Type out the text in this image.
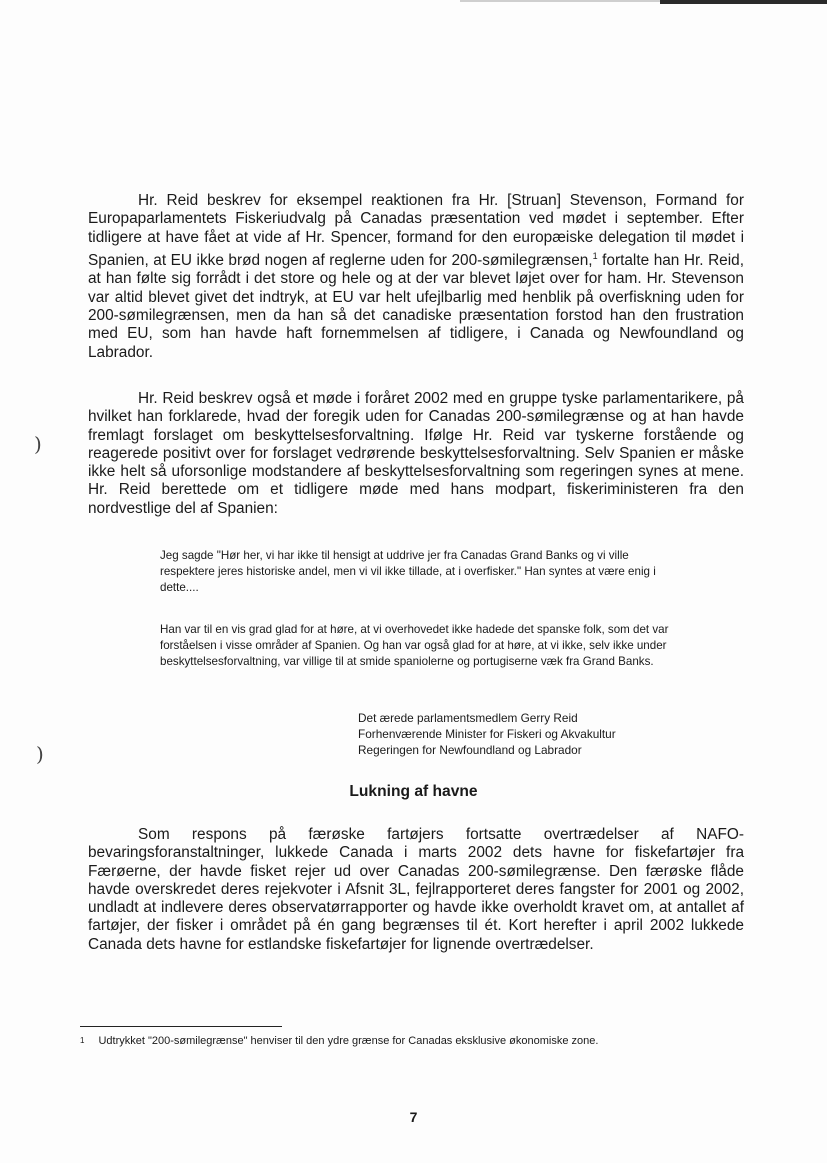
)
)

Hr. Reid beskrev for eksempel reaktionen fra Hr. [Struan] Stevenson, Formand for Europaparlamentets Fiskeriudvalg på Canadas præsentation ved mødet i september. Efter tidligere at have fået at vide af Hr. Spencer, formand for den europæiske delegation til mødet i Spanien, at EU ikke brød nogen af reglerne uden for 200-sømilegrænsen,$^1$ fortalte han Hr. Reid, at han følte sig forrådt i det store og hele og at der var blevet løjet over for ham. Hr. Stevenson var altid blevet givet det indtryk, at EU var helt ufejlbarlig med henblik på overfiskning uden for 200-sømilegrænsen, men da han så det canadiske præsentation forstod han den frustration med EU, som han havde haft fornemmelsen af tidligere, i Canada og Newfoundland og Labrador.

Hr. Reid beskrev også et møde i foråret 2002 med en gruppe tyske parlamentarikere, på hvilket han forklarede, hvad der foregik uden for Canadas 200-sømilegrænse og at han havde fremlagt forslaget om beskyttelsesforvaltning. Ifølge Hr. Reid var tyskerne forstående og reagerede positivt over for forslaget vedrørende beskyttelsesforvaltning. Selv Spanien er måske ikke helt så uforsonlige modstandere af beskyttelsesforvaltning som regeringen synes at mene. Hr. Reid berettede om et tidligere møde med hans modpart, fiskeriministeren fra den nordvestlige del af Spanien:

Jeg sagde "Hør her, vi har ikke til hensigt at uddrive jer fra Canadas Grand Banks og vi ville respektere jeres historiske andel, men vi vil ikke tillade, at i overfisker." Han syntes at være enig i dette....

Han var til en vis grad glad for at høre, at vi overhovedet ikke hadede det spanske folk, som det var forståelsen i visse områder af Spanien. Og han var også glad for at høre, at vi ikke, selv ikke under beskyttelsesforvaltning, var villige til at smide spaniolerne og portugiserne væk fra Grand Banks.

Det ærede parlamentsmedlem Gerry Reid
Forhenværende Minister for Fiskeri og Akvakultur
Regeringen for Newfoundland og Labrador
Lukning af havne

Som respons på færøske fartøjers fortsatte overtrædelser af NAFO-bevaringsforanstaltninger, lukkede Canada i marts 2002 dets havne for fiskefartøjer fra Færøerne, der havde fisket rejer ud over Canadas 200-sømilegrænse. Den færøske flåde havde overskredet deres rejekvoter i Afsnit 3L, fejlrapporteret deres fangster for 2001 og 2002, undladt at indlevere deres observatørrapporter og havde ikke overholdt kravet om, at antallet af fartøjer, der fisker i området på én gang begrænses til ét. Kort herefter i april 2002 lukkede Canada dets havne for estlandske fiskefartøjer for lignende overtrædelser.

$^1$ Udtrykket "200-sømilegrænse" henviser til den ydre grænse for Canadas eksklusive økonomiske zone.
7
